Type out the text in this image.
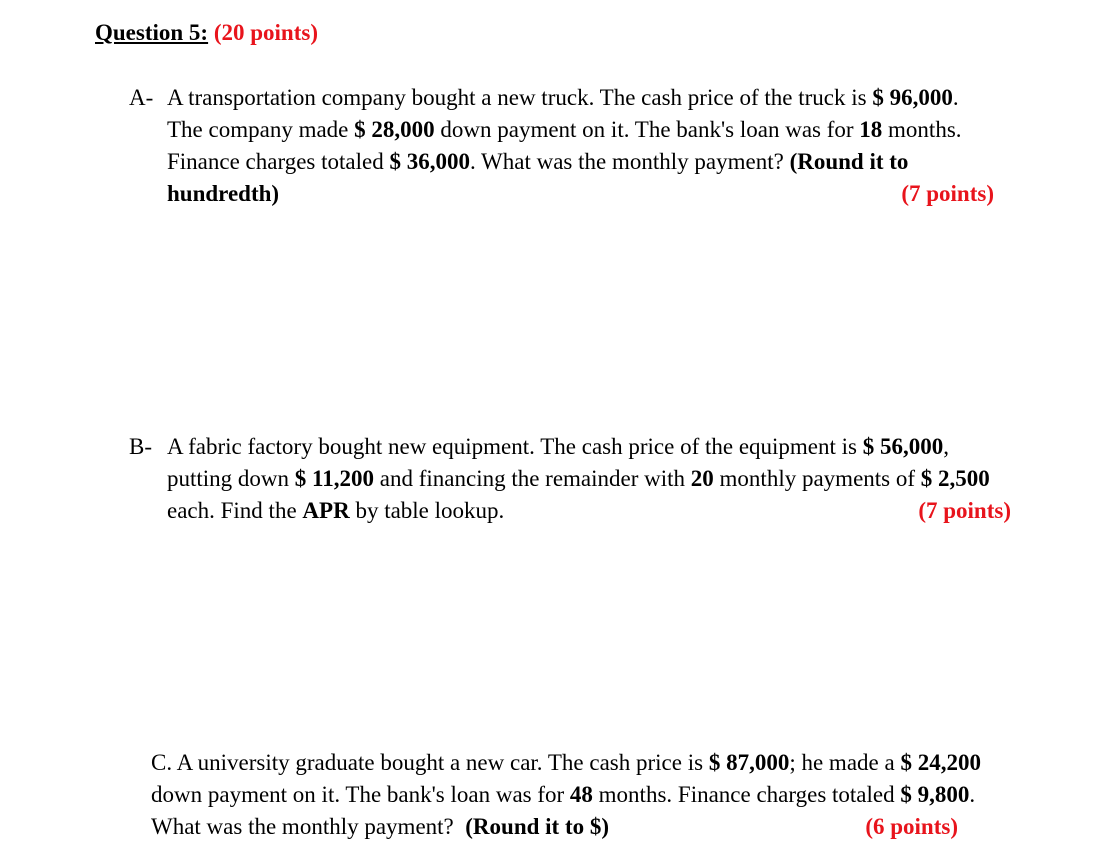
Question 5: (20 points)
A- A transportation company bought a new truck. The cash price of the truck is $ 96,000.
The company made $ 28,000 down payment on it. The bank's loan was for 18 months.
Finance charges totaled $ 36,000. What was the monthly payment? (Round it to
hundredth)	(7 points)
B- A fabric factory bought new equipment. The cash price of the equipment is $ 56,000,
putting down $ 11,200 and financing the remainder with 20 monthly payments of $ 2,500
each. Find the APR by table lookup.	(7 points)
C. A university graduate bought a new car. The cash price is $ 87,000; he made a $ 24,200
down payment on it. The bank's loan was for 48 months. Finance charges totaled $ 9,800.
What was the monthly payment?  (Round it to $)	(6 points)
